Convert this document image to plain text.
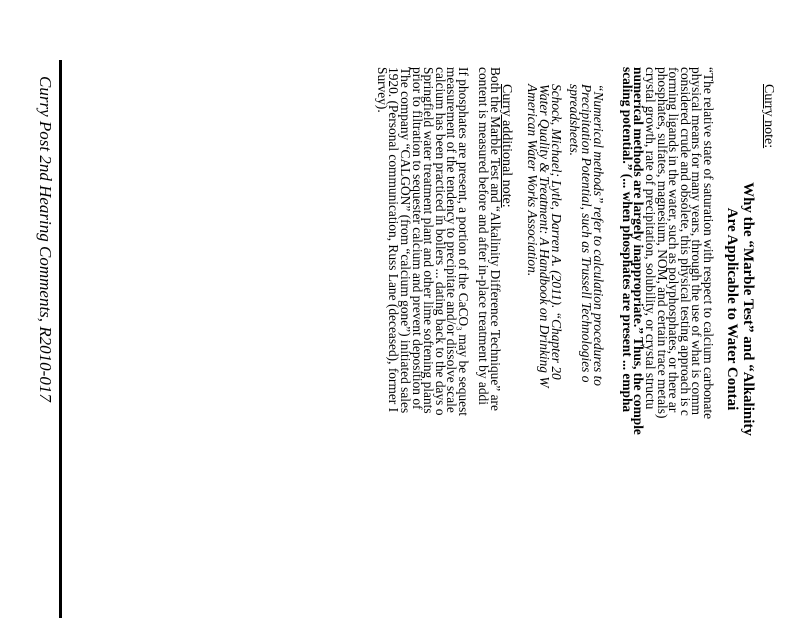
Curry note:
Why the “Marble Test” and “Alkalinity
Are Applicable to Water Contai
“The relative state of saturation with respect to calcium carbonate
physical means for many years, through the use of what is comm
considered crude and obsolete, this physical testing approach is c
forming ligands in the water, such as polyphosphates, or there ar
phosphates, sulfates, magnesium, NOM, and certain trace metals)
crystal growth, rate of precipitation, solubility, or crystal structu
numerical methods are largely inappropriate.” Thus, the comple
scaling potential.” (... when phosphates are present ... empha
“Numerical methods” refer to calculation procedures to
Precipitation Potential, such as Trussell Technologies o
spreadsheets.
Schock, Michael; Lytle, Darren A. (2011). “Chapter 20
Water Quality & Treatment: A Handbook on Drinking W
American Water Works Association.
Curry additional note:
Both the Marble Test and “Alkalinity Difference Technique” are
content is measured before and after in-place treatment by addi
If phosphates are present, a portion of the CaCO₃ may be sequest
measurement of the tendency to precipitate and/or dissolve scale
calcium has been practiced in boilers ... dating back to the days o
Springfield water treatment plant and other lime softening plants
prior to filtration to sequester calcium and prevent deposition of
The company “CALGON” (from “calcium gone”) initiated sales
1920. (Personal communication, Russ Lane (deceased), former I
Survey).
Curry Post 2nd Hearing Comments, R2010-017
